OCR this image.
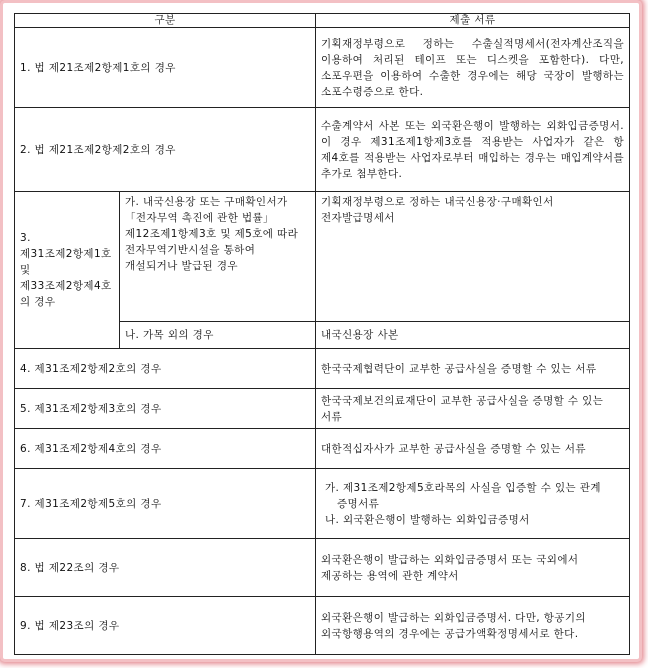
구분		제출 서류
1. 법 제21조제2항제1호의 경우		기획재정부령으로 정하는 수출실적명세서(전자계산조직을 이용하여 처리된 테이프 또는 디스켓을 포함한다). 다만, 소포우편을 이용하여 수출한 경우에는 해당 국장이 발행하는 소포수령증으로 한다.
2. 법 제21조제2항제2호의 경우		수출계약서 사본 또는 외국환은행이 발행하는 외화입금증명서. 이 경우 제31조제1항제3호를 적용받는 사업자가 같은 항 제4호를 적용받는 사업자로부터 매입하는 경우는 매입계약서를 추가로 첨부한다.
3. 제31조제2항제1호 및 제33조제2항제4호의 경우	가. 내국신용장 또는 구매확인서가 「전자무역 촉진에 관한 법률」 제12조제1항제3호 및 제5호에 따라 전자무역기반시설을 통하여 개설되거나 발급된 경우	기획재정부령으로 정하는 내국신용장·구매확인서 전자발급명세서
	나. 가목 외의 경우	내국신용장 사본
4. 제31조제2항제2호의 경우		한국국제협력단이 교부한 공급사실을 증명할 수 있는 서류
5. 제31조제2항제3호의 경우		한국국제보건의료재단이 교부한 공급사실을 증명할 수 있는 서류
6. 제31조제2항제4호의 경우		대한적십자사가 교부한 공급사실을 증명할 수 있는 서류
7. 제31조제2항제5호의 경우		가. 제31조제2항제5호라목의 사실을 입증할 수 있는 관계 증명서류
나. 외국환은행이 발행하는 외화입금증명서

8. 법 제22조의 경우		외국환은행이 발급하는 외화입금증명서 또는 국외에서 제공하는 용역에 관한 계약서
9. 법 제23조의 경우		외국환은행이 발급하는 외화입금증명서. 다만, 항공기의 외국항행용역의 경우에는 공급가액확정명세서로 한다.
